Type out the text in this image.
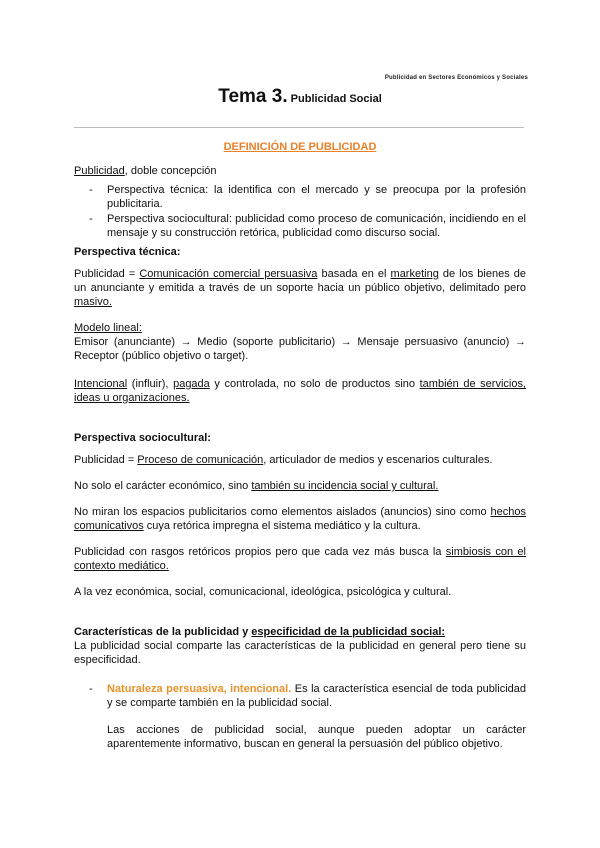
Publicidad en Sectores Económicos y Sociales
Tema 3. Publicidad Social
DEFINICIÓN DE PUBLICIDAD

Publicidad, doble concepción

- Perspectiva técnica: la identifica con el mercado y se preocupa por la profesión publicitaria.
- Perspectiva sociocultural: publicidad como proceso de comunicación, incidiendo en el mensaje y su construcción retórica, publicidad como discurso social.

Perspectiva técnica:

Publicidad = Comunicación comercial persuasiva basada en el marketing de los bienes de un anunciante y emitida a través de un soporte hacia un público objetivo, delimitado pero masivo.

Modelo lineal:

Emisor (anunciante) → Medio (soporte publicitario) → Mensaje persuasivo (anuncio) → Receptor (público objetivo o target).

Intencional (influir), pagada y controlada, no solo de productos sino también de servicios, ideas u organizaciones.

Perspectiva sociocultural:

Publicidad = Proceso de comunicación, articulador de medios y escenarios culturales.

No solo el carácter económico, sino también su incidencia social y cultural.

No miran los espacios publicitarios como elementos aislados (anuncios) sino como hechos comunicativos cuya retórica impregna el sistema mediático y la cultura.

Publicidad con rasgos retóricos propios pero que cada vez más busca la simbiosis con el contexto mediático.

A la vez económica, social, comunicacional, ideológica, psicológica y cultural.

Características de la publicidad y especificidad de la publicidad social:

La publicidad social comparte las características de la publicidad en general pero tiene su especificidad.

- Naturaleza persuasiva, intencional. Es la característica esencial de toda publicidad y se comparte también en la publicidad social.

Las acciones de publicidad social, aunque pueden adoptar un carácter aparentemente informativo, buscan en general la persuasión del público objetivo.
